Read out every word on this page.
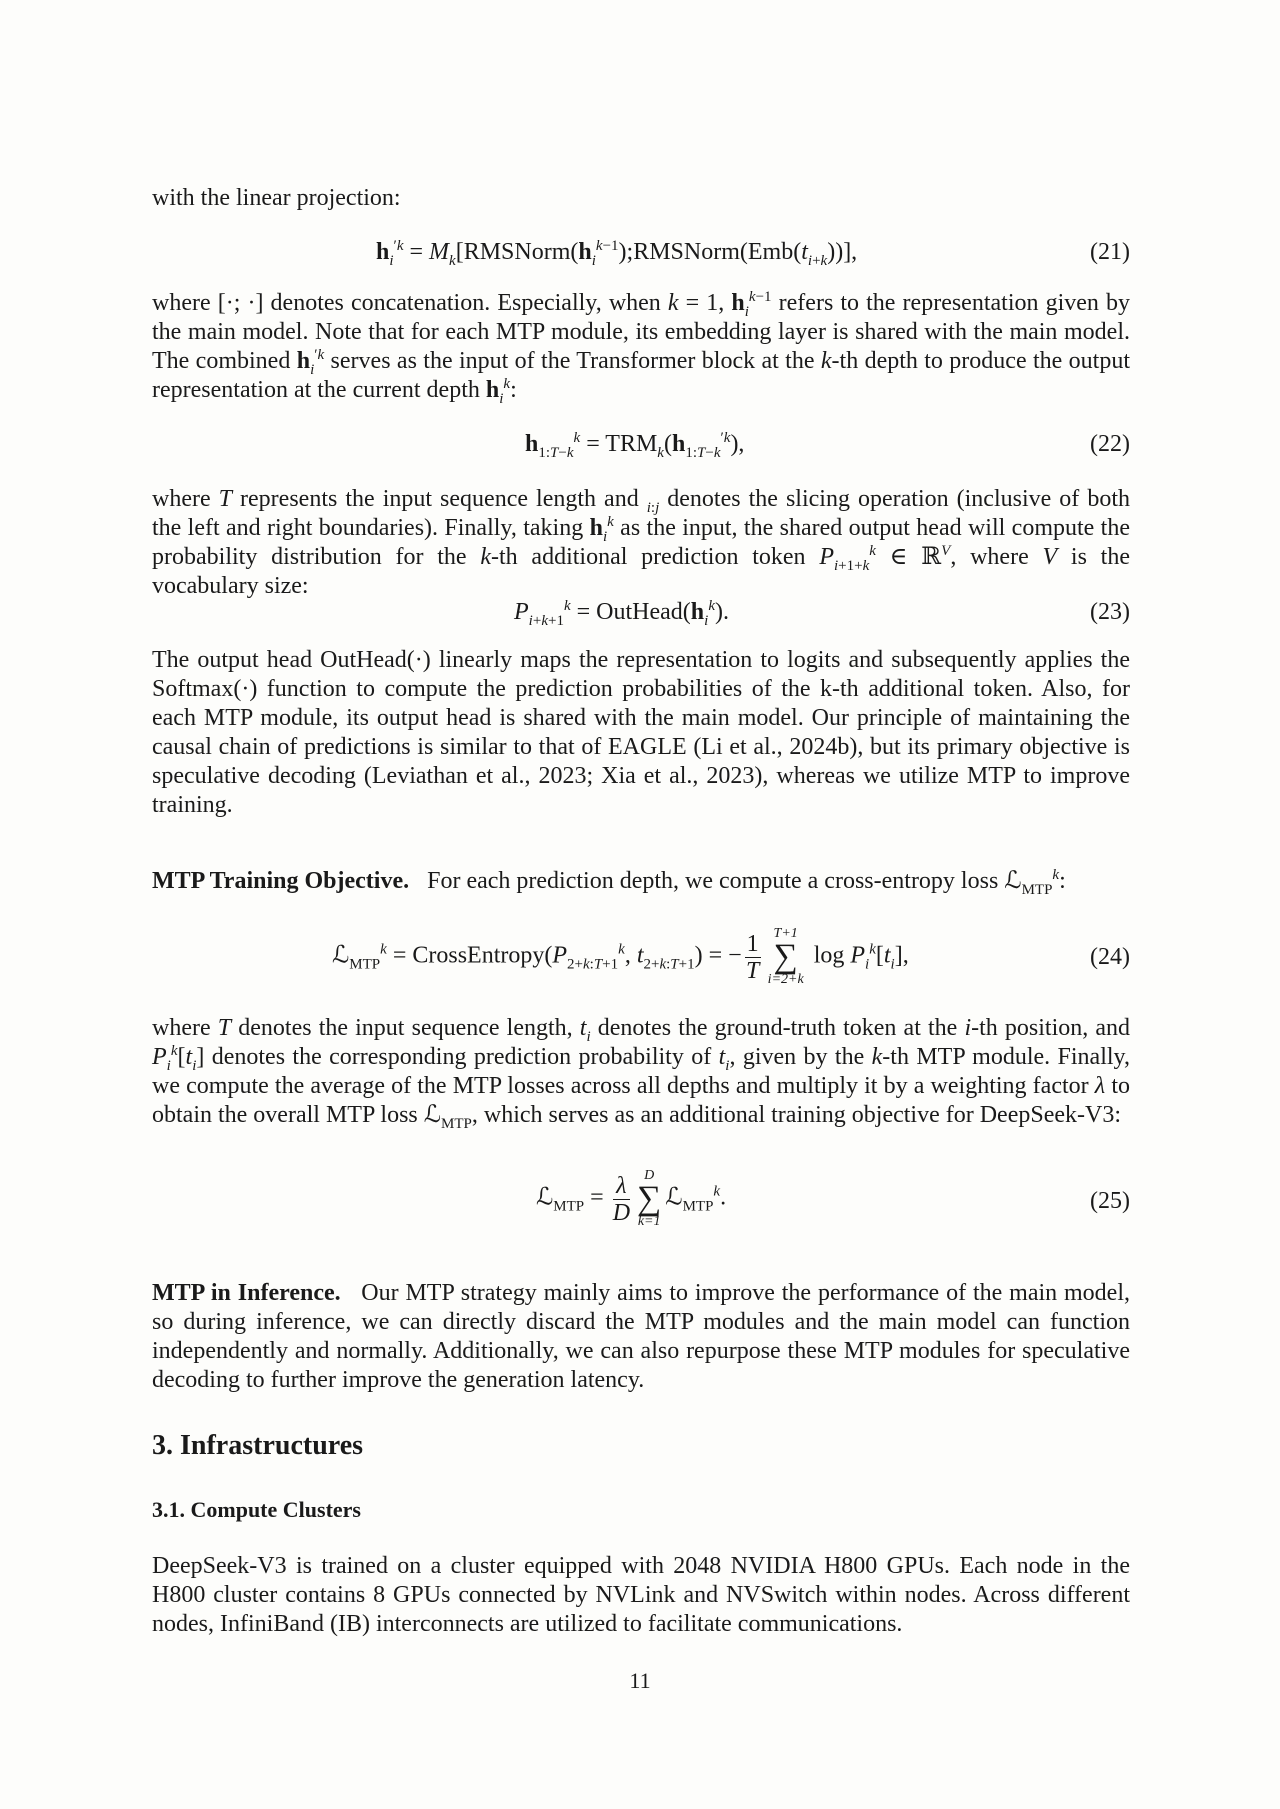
with the linear projection:

$h_i^{'k}$ = $M_k[RMSNorm(h_i^{k-1});RMSNorm(Emb(t_{i+k}))]$,	(21)

where [·; ·] denotes concatenation. Especially, when k = 1, $h_i^{k-1}$ refers to the representation given by the main model. Note that for each MTP module, its embedding layer is shared with the main model. The combined $h_i^{'k}$ serves as the input of the Transformer block at the k-th depth to produce the output representation at the current depth $h_i^k$:

$h_{1:T-k}^k = TRM_k(h_{1:T-k}^{'k})$,	(22)

where T represents the input sequence length and $_{i:j}$ denotes the slicing operation (inclusive of both the left and right boundaries). Finally, taking $h_i^k$ as the input, the shared output head will compute the probability distribution for the k-th additional prediction token $P_{i+1+k}^k$ ∈ ℝ$^V$, where V is the vocabulary size:

$P_{i+k+1}^k$ = $OutHead(h_i^k)$.	(23)

The output head OutHead(·) linearly maps the representation to logits and subsequently applies the Softmax(·) function to compute the prediction probabilities of the k-th additional token. Also, for each MTP module, its output head is shared with the main model. Our principle of maintaining the causal chain of predictions is similar to that of EAGLE (Li et al., 2024b), but its primary objective is speculative decoding (Leviathan et al., 2023; Xia et al., 2023), whereas we utilize MTP to improve training.

MTP Training Objective.   For each prediction depth, we compute a cross-entropy loss ℒ$_{MTP}^k$:

ℒ$_{MTP}^k$ = $CrossEntropy(P_{2+k:T+1}^k$, $t_{2+k:T+1}$) = − $\frac{1}{T} T+1$
∑
i=2+k
$\log P_i^k[t_i]$,	(24)

where T denotes the input sequence length, $t_i$ denotes the ground-truth token at the i-th position, and $P_i^k[t_i]$ denotes the corresponding prediction probability of $t_i$, given by the k-th MTP module. Finally, we compute the average of the MTP losses across all depths and multiply it by a weighting factor λ to obtain the overall MTP loss ℒ$_{MTP}$, which serves as an additional training objective for DeepSeek-V3:

ℒ$_{MTP}$ = $\frac{\lambda}{D}$	D
∑
k=1
ℒ$_{MTP}^k$.	(25)

MTP in Inference. Our MTP strategy mainly aims to improve the performance of the main model, so during inference, we can directly discard the MTP modules and the main model can function independently and normally. Additionally, we can also repurpose these MTP modules for speculative decoding to further improve the generation latency.

3. Infrastructures
3.1. Compute Clusters

DeepSeek-V3 is trained on a cluster equipped with 2048 NVIDIA H800 GPUs. Each node in the H800 cluster contains 8 GPUs connected by NVLink and NVSwitch within nodes. Across different nodes, InfiniBand (IB) interconnects are utilized to facilitate communications.

11
